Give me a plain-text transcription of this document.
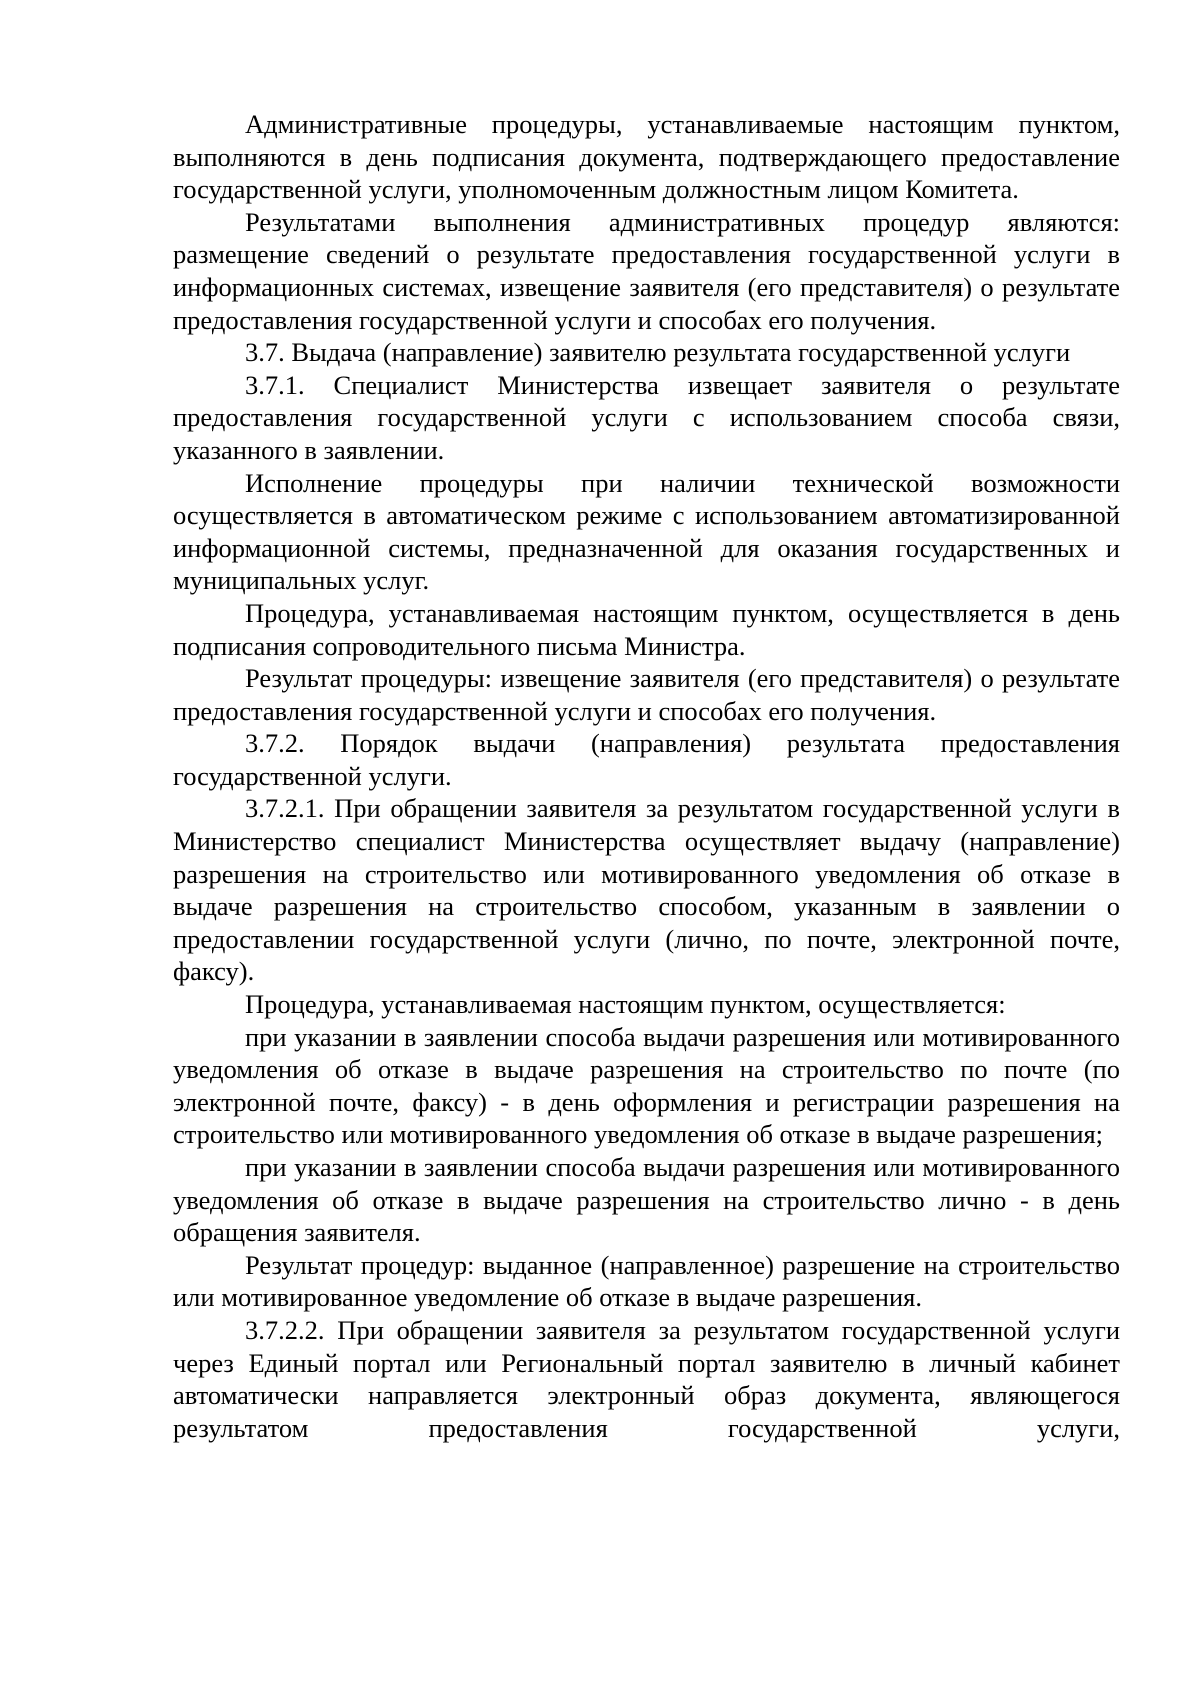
Административные процедуры, устанавливаемые настоящим пунктом, выполняются в день подписания документа, подтверждающего предоставление государственной услуги, уполномоченным должностным лицом Комитета.

Результатами выполнения административных процедур являются: размещение сведений о результате предоставления государственной услуги в информационных системах, извещение заявителя (его представителя) о результате предоставления государственной услуги и способах его получения.

3.7. Выдача (направление) заявителю результата государственной услуги

3.7.1. Специалист Министерства извещает заявителя о результате предоставления государственной услуги с использованием способа связи, указанного в заявлении.

Исполнение процедуры при наличии технической возможности осуществляется в автоматическом режиме с использованием автоматизированной информационной системы, предназначенной для оказания государственных и муниципальных услуг.

Процедура, устанавливаемая настоящим пунктом, осуществляется в день подписания сопроводительного письма Министра.

Результат процедуры: извещение заявителя (его представителя) о результате предоставления государственной услуги и способах его получения.

3.7.2. Порядок выдачи (направления) результата предоставления государственной услуги.

3.7.2.1. При обращении заявителя за результатом государственной услуги в Министерство специалист Министерства осуществляет выдачу (направление) разрешения на строительство или мотивированного уведомления об отказе в выдаче разрешения на строительство способом, указанным в заявлении о предоставлении государственной услуги (лично, по почте, электронной почте, факсу).

Процедура, устанавливаемая настоящим пунктом, осуществляется:

при указании в заявлении способа выдачи разрешения или мотивированного уведомления об отказе в выдаче разрешения на строительство по почте (по электронной почте, факсу) - в день оформления и регистрации разрешения на строительство или мотивированного уведомления об отказе в выдаче разрешения;

при указании в заявлении способа выдачи разрешения или мотивированного уведомления об отказе в выдаче разрешения на строительство лично - в день обращения заявителя.

Результат процедур: выданное (направленное) разрешение на строительство или мотивированное уведомление об отказе в выдаче разрешения.

3.7.2.2. При обращении заявителя за результатом государственной услуги через Единый портал или Региональный портал заявителю в личный кабинет автоматически направляется электронный образ документа, являющегося результатом предоставления государственной услуги,
